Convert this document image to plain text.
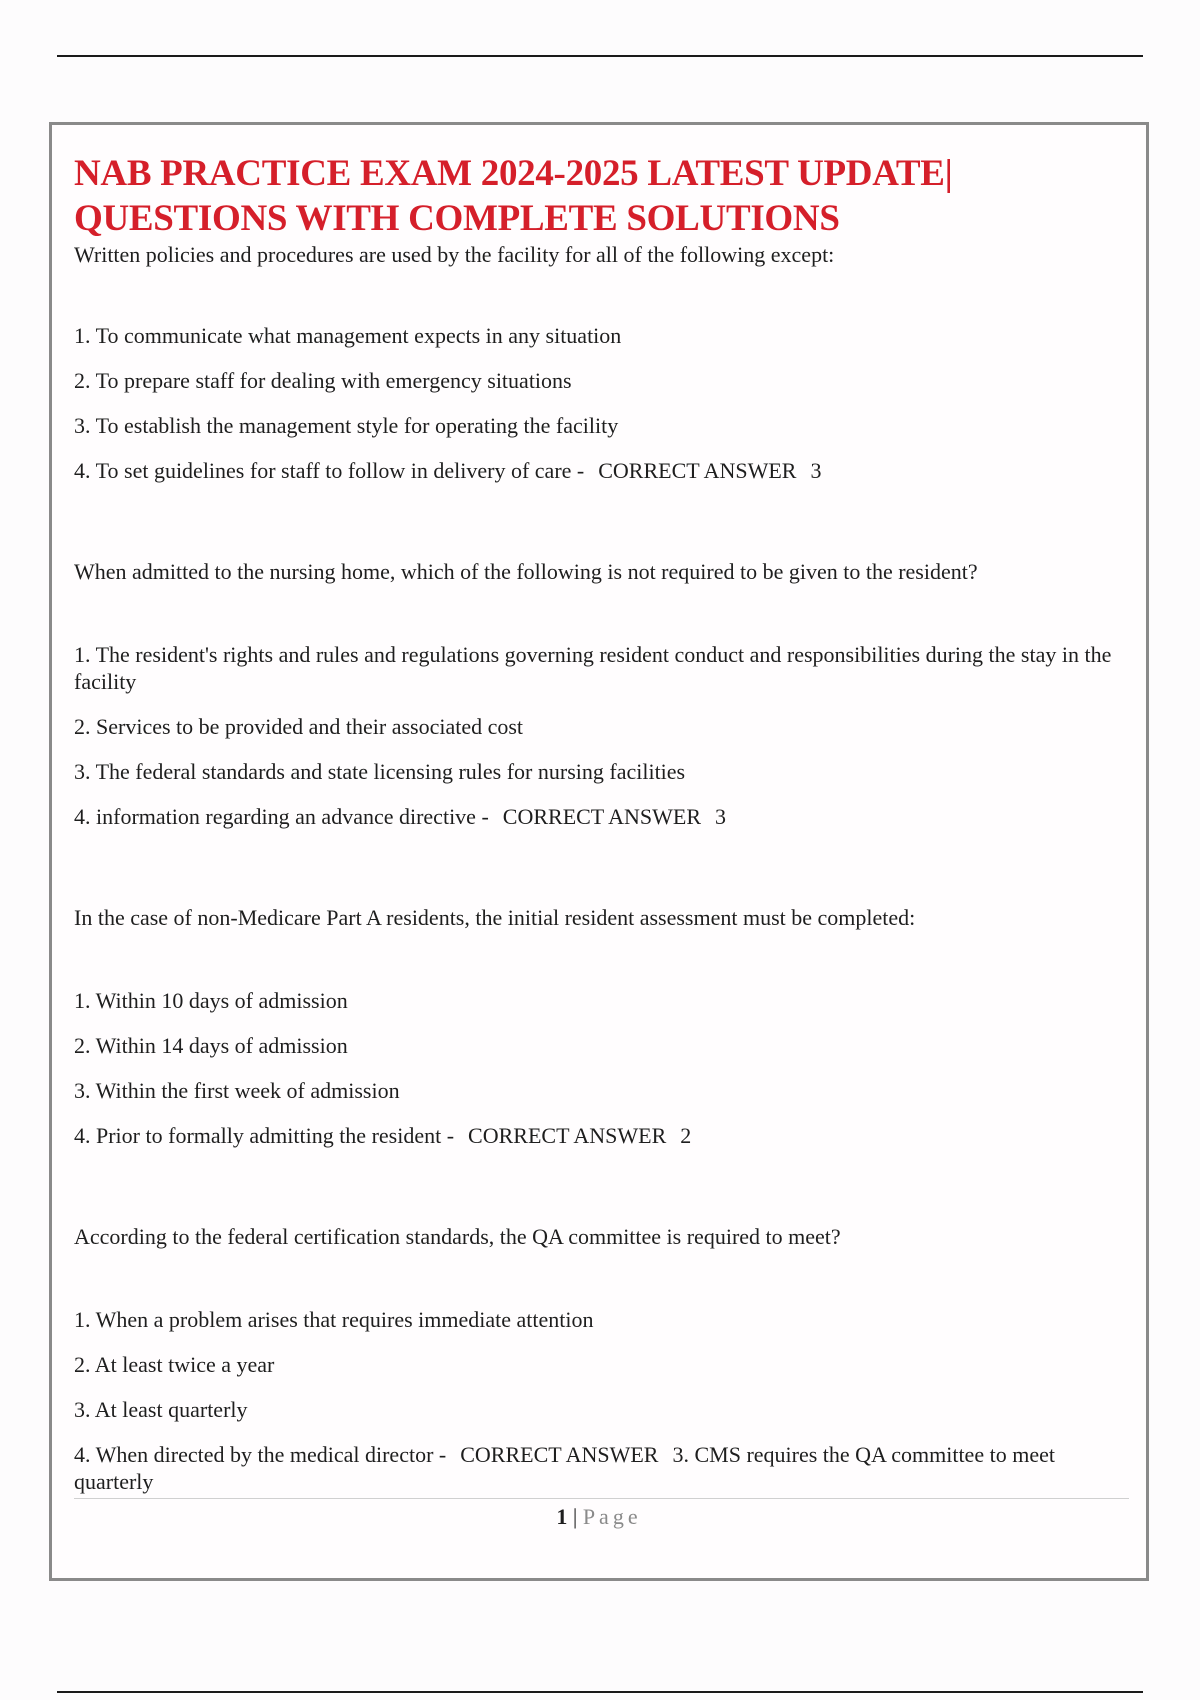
NAB PRACTICE EXAM 2024-2025 LATEST UPDATE|
QUESTIONS WITH COMPLETE SOLUTIONS

Written policies and procedures are used by the facility for all of the following except:

1. To communicate what management expects in any situation
2. To prepare staff for dealing with emergency situations
3. To establish the management style for operating the facility
4. To set guidelines for staff to follow in delivery of care - CORRECT ANSWER 3

When admitted to the nursing home, which of the following is not required to be given to the resident?

1. The resident's rights and rules and regulations governing resident conduct and responsibilities during the stay in the facility
2. Services to be provided and their associated cost
3. The federal standards and state licensing rules for nursing facilities
4. information regarding an advance directive - CORRECT ANSWER 3

In the case of non-Medicare Part A residents, the initial resident assessment must be completed:

1. Within 10 days of admission
2. Within 14 days of admission
3. Within the first week of admission
4. Prior to formally admitting the resident - CORRECT ANSWER 2

According to the federal certification standards, the QA committee is required to meet?

1. When a problem arises that requires immediate attention
2. At least twice a year
3. At least quarterly
4. When directed by the medical director - CORRECT ANSWER 3. CMS requires the QA committee to meet quarterly
1 | Page
